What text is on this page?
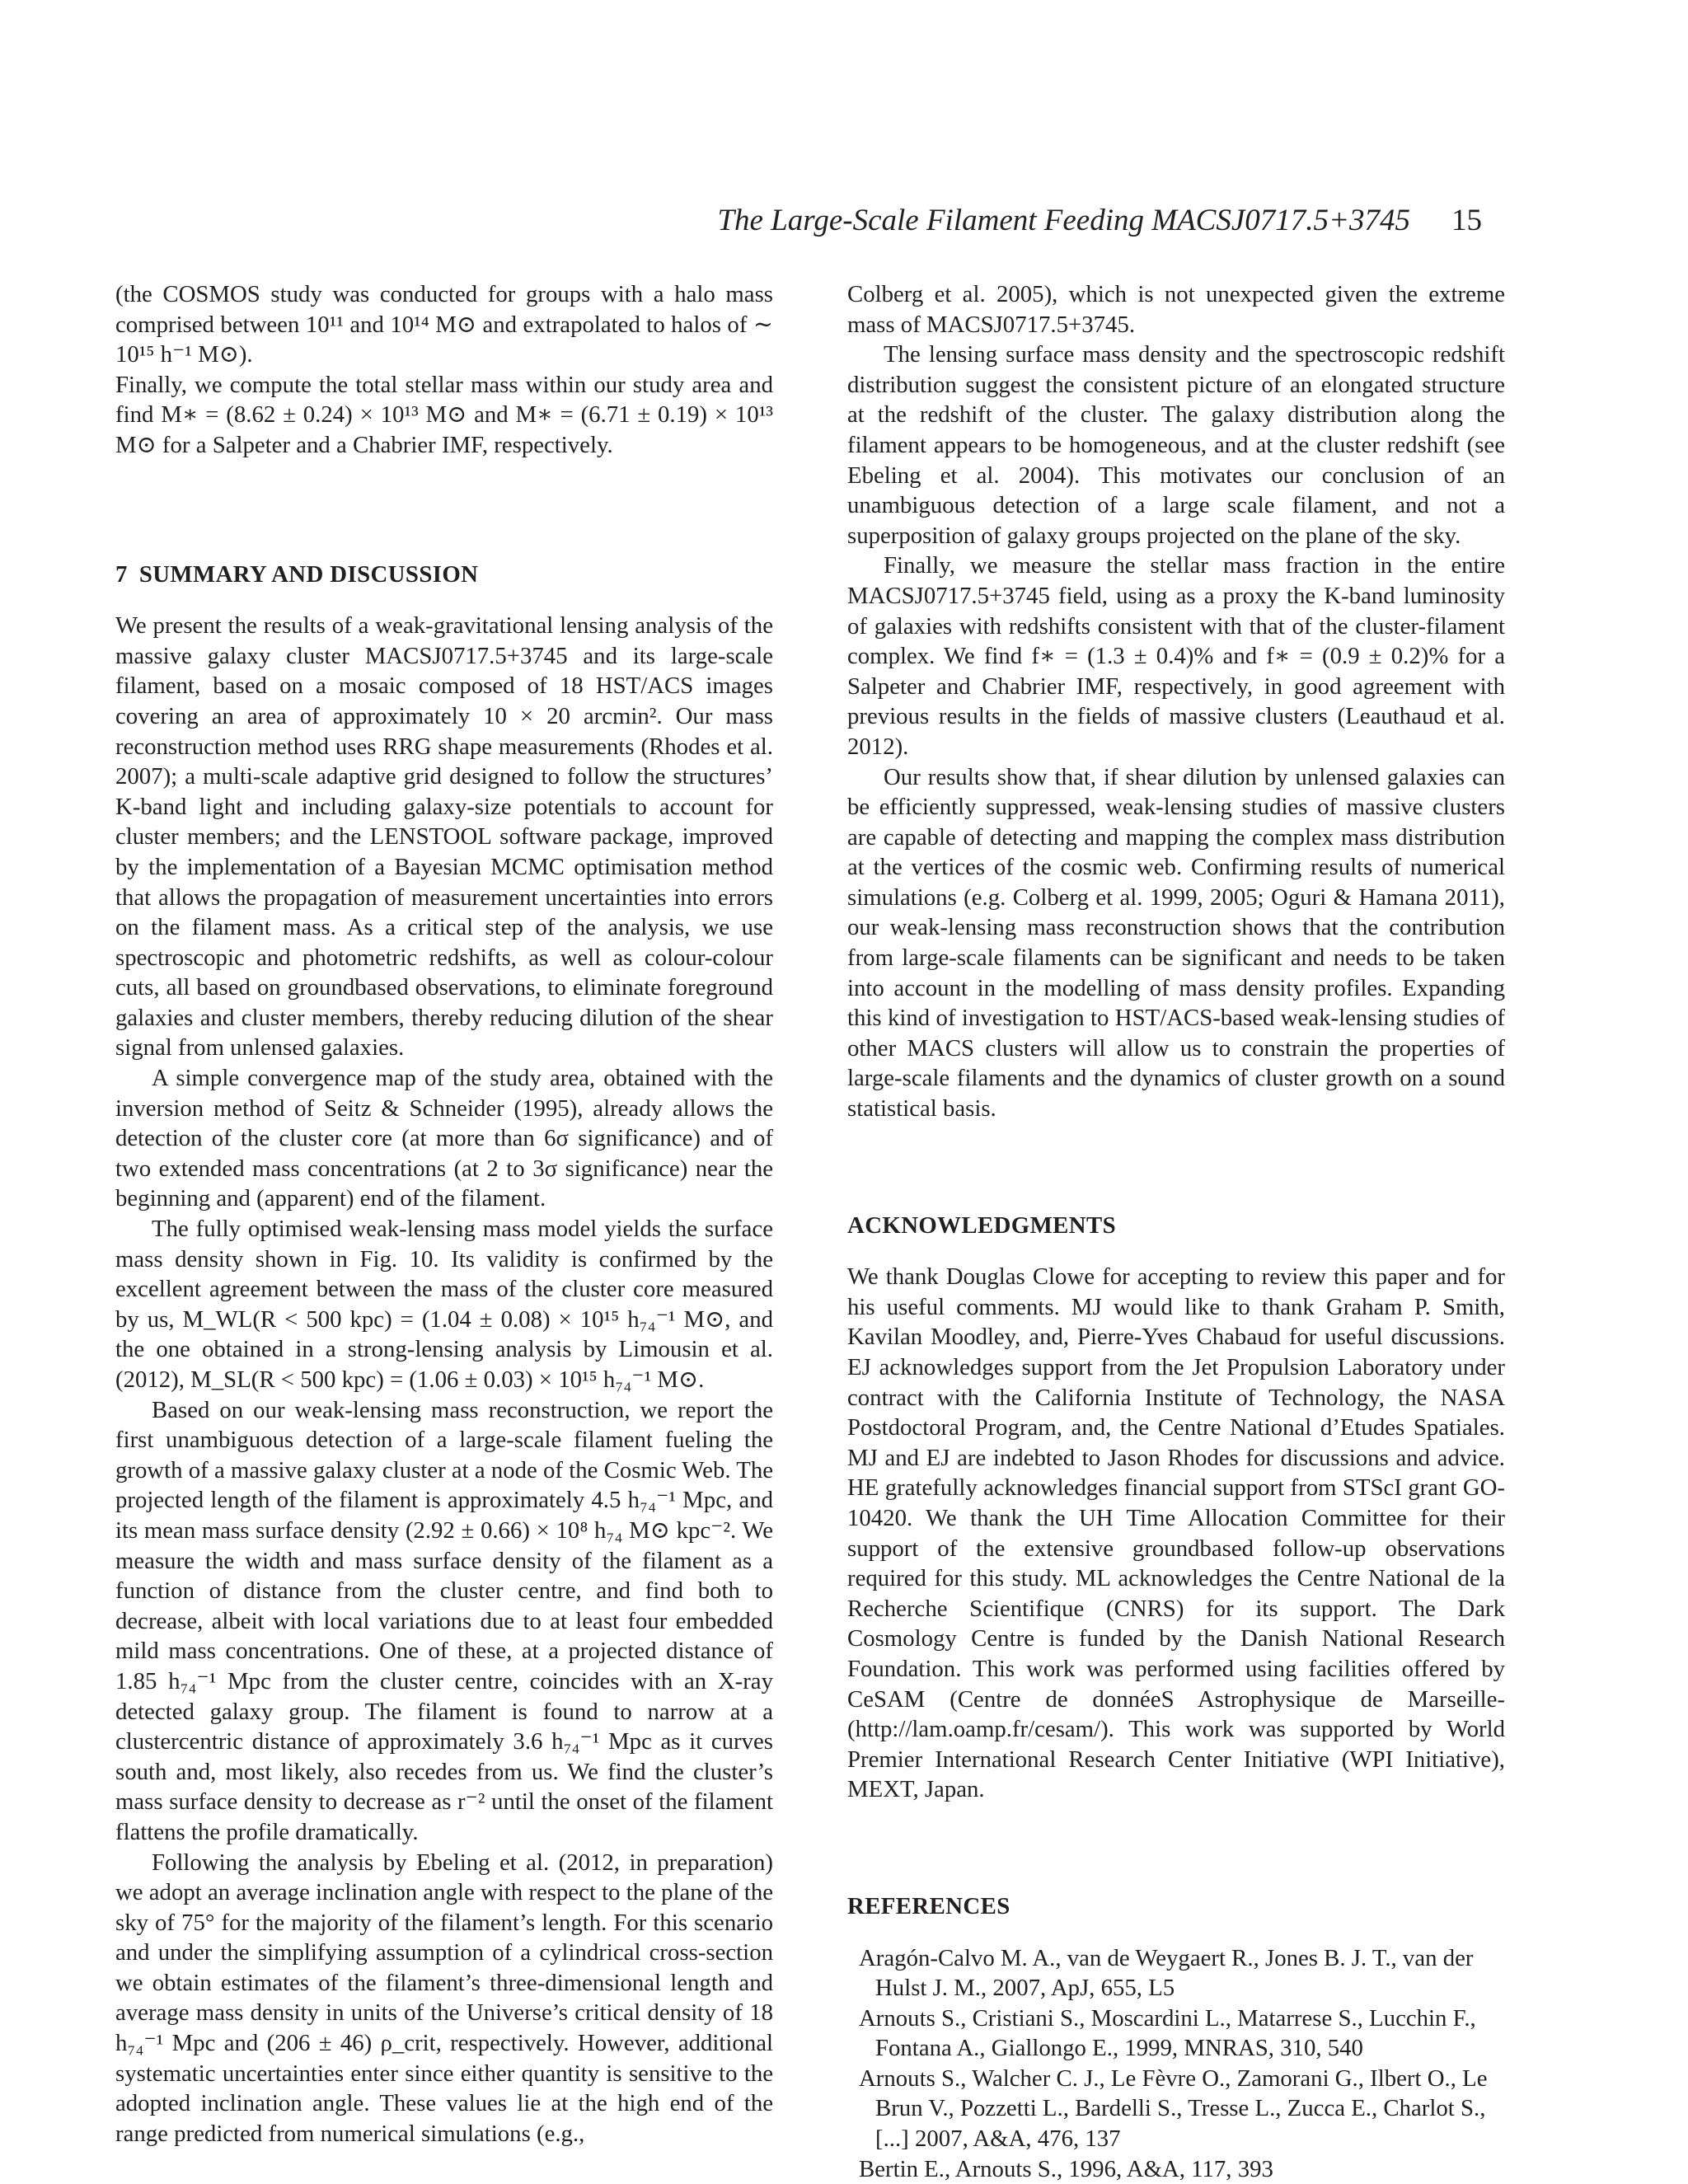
The Large-Scale Filament Feeding MACSJ0717.5+3745 15

(the COSMOS study was conducted for groups with a halo mass comprised between 10¹¹ and 10¹⁴ M⊙ and extrapolated to halos of ∼ 10¹⁵ h⁻¹ M⊙).

Finally, we compute the total stellar mass within our study area and find M∗ = (8.62 ± 0.24) × 10¹³ M⊙ and M∗ = (6.71 ± 0.19) × 10¹³ M⊙ for a Salpeter and a Chabrier IMF, respectively.

7 SUMMARY AND DISCUSSION

We present the results of a weak-gravitational lensing analysis of the massive galaxy cluster MACSJ0717.5+3745 and its large-scale filament, based on a mosaic composed of 18 HST/ACS images covering an area of approximately 10 × 20 arcmin². Our mass reconstruction method uses RRG shape measurements (Rhodes et al. 2007); a multi-scale adaptive grid designed to follow the structures’ K-band light and including galaxy-size potentials to account for cluster members; and the LENSTOOL software package, improved by the implementation of a Bayesian MCMC optimisation method that allows the propagation of measurement uncertainties into errors on the filament mass. As a critical step of the analysis, we use spectroscopic and photometric redshifts, as well as colour-colour cuts, all based on groundbased observations, to eliminate foreground galaxies and cluster members, thereby reducing dilution of the shear signal from unlensed galaxies.

A simple convergence map of the study area, obtained with the inversion method of Seitz & Schneider (1995), already allows the detection of the cluster core (at more than 6σ significance) and of two extended mass concentrations (at 2 to 3σ significance) near the beginning and (apparent) end of the filament.

The fully optimised weak-lensing mass model yields the surface mass density shown in Fig. 10. Its validity is confirmed by the excellent agreement between the mass of the cluster core measured by us, M_WL(R < 500 kpc) = (1.04 ± 0.08) × 10¹⁵ h₇₄⁻¹ M⊙, and the one obtained in a strong-lensing analysis by Limousin et al. (2012), M_SL(R < 500 kpc) = (1.06 ± 0.03) × 10¹⁵ h₇₄⁻¹ M⊙.

Based on our weak-lensing mass reconstruction, we report the first unambiguous detection of a large-scale filament fueling the growth of a massive galaxy cluster at a node of the Cosmic Web. The projected length of the filament is approximately 4.5 h₇₄⁻¹ Mpc, and its mean mass surface density (2.92 ± 0.66) × 10⁸ h₇₄ M⊙ kpc⁻². We measure the width and mass surface density of the filament as a function of distance from the cluster centre, and find both to decrease, albeit with local variations due to at least four embedded mild mass concentrations. One of these, at a projected distance of 1.85 h₇₄⁻¹ Mpc from the cluster centre, coincides with an X-ray detected galaxy group. The filament is found to narrow at a clustercentric distance of approximately 3.6 h₇₄⁻¹ Mpc as it curves south and, most likely, also recedes from us. We find the cluster’s mass surface density to decrease as r⁻² until the onset of the filament flattens the profile dramatically.

Following the analysis by Ebeling et al. (2012, in preparation) we adopt an average inclination angle with respect to the plane of the sky of 75° for the majority of the filament’s length. For this scenario and under the simplifying assumption of a cylindrical cross-section we obtain estimates of the filament’s three-dimensional length and average mass density in units of the Universe’s critical density of 18 h₇₄⁻¹ Mpc and (206 ± 46) ρ_crit, respectively. However, additional systematic uncertainties enter since either quantity is sensitive to the adopted inclination angle. These values lie at the high end of the range predicted from numerical simulations (e.g.,

Colberg et al. 2005), which is not unexpected given the extreme mass of MACSJ0717.5+3745.

The lensing surface mass density and the spectroscopic redshift distribution suggest the consistent picture of an elongated structure at the redshift of the cluster. The galaxy distribution along the filament appears to be homogeneous, and at the cluster redshift (see Ebeling et al. 2004). This motivates our conclusion of an unambiguous detection of a large scale filament, and not a superposition of galaxy groups projected on the plane of the sky.

Finally, we measure the stellar mass fraction in the entire MACSJ0717.5+3745 field, using as a proxy the K-band luminosity of galaxies with redshifts consistent with that of the cluster-filament complex. We find f∗ = (1.3 ± 0.4)% and f∗ = (0.9 ± 0.2)% for a Salpeter and Chabrier IMF, respectively, in good agreement with previous results in the fields of massive clusters (Leauthaud et al. 2012).

Our results show that, if shear dilution by unlensed galaxies can be efficiently suppressed, weak-lensing studies of massive clusters are capable of detecting and mapping the complex mass distribution at the vertices of the cosmic web. Confirming results of numerical simulations (e.g. Colberg et al. 1999, 2005; Oguri & Hamana 2011), our weak-lensing mass reconstruction shows that the contribution from large-scale filaments can be significant and needs to be taken into account in the modelling of mass density profiles. Expanding this kind of investigation to HST/ACS-based weak-lensing studies of other MACS clusters will allow us to constrain the properties of large-scale filaments and the dynamics of cluster growth on a sound statistical basis.

ACKNOWLEDGMENTS

We thank Douglas Clowe for accepting to review this paper and for his useful comments. MJ would like to thank Graham P. Smith, Kavilan Moodley, and, Pierre-Yves Chabaud for useful discussions. EJ acknowledges support from the Jet Propulsion Laboratory under contract with the California Institute of Technology, the NASA Postdoctoral Program, and, the Centre National d’Etudes Spatiales. MJ and EJ are indebted to Jason Rhodes for discussions and advice. HE gratefully acknowledges financial support from STScI grant GO-10420. We thank the UH Time Allocation Committee for their support of the extensive groundbased follow-up observations required for this study. ML acknowledges the Centre National de la Recherche Scientifique (CNRS) for its support. The Dark Cosmology Centre is funded by the Danish National Research Foundation. This work was performed using facilities offered by CeSAM (Centre de donnéeS Astrophysique de Marseille-(http://lam.oamp.fr/cesam/). This work was supported by World Premier International Research Center Initiative (WPI Initiative), MEXT, Japan.

REFERENCES
Aragón-Calvo M. A., van de Weygaert R., Jones B. J. T., van der Hulst J. M., 2007, ApJ, 655, L5
Arnouts S., Cristiani S., Moscardini L., Matarrese S., Lucchin F., Fontana A., Giallongo E., 1999, MNRAS, 310, 540
Arnouts S., Walcher C. J., Le Fèvre O., Zamorani G., Ilbert O., Le Brun V., Pozzetti L., Bardelli S., Tresse L., Zucca E., Charlot S., [...] 2007, A&A, 476, 137
Bertin E., Arnouts S., 1996, A&A, 117, 393
